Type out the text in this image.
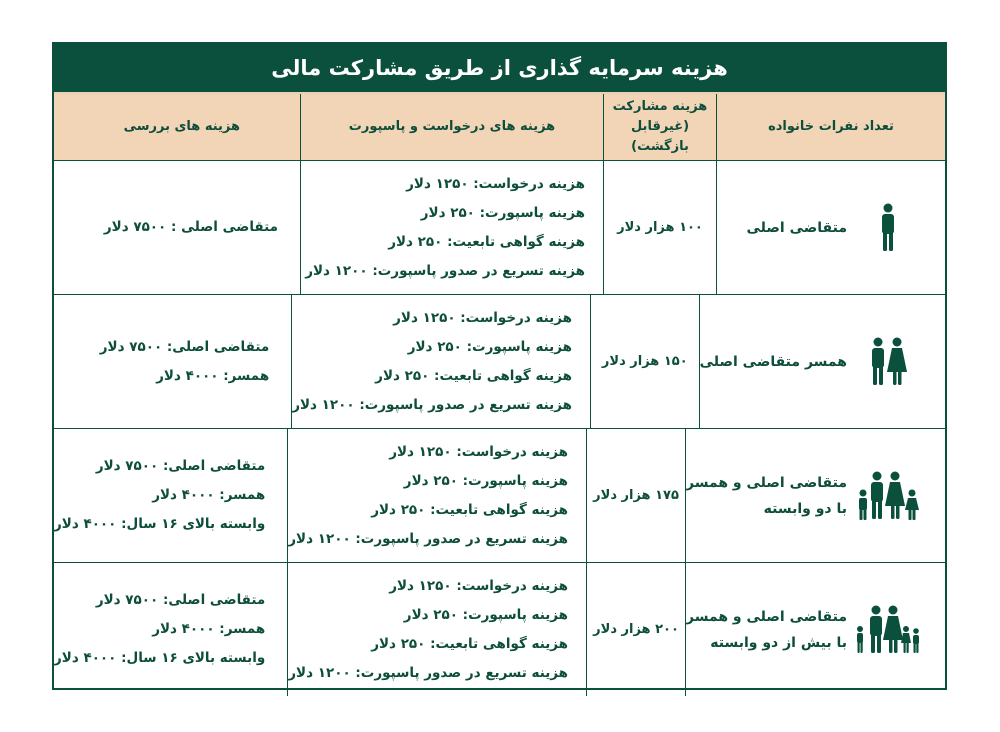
هزینه سرمایه گذاری از طریق مشارکت مالی
تعداد نفرات خانواده
هزینه مشارکت
(غیرقابل بازگشت)
هزینه های درخواست و پاسپورت
هزینه های بررسی
متقاضی اصلی
۱۰۰ هزار دلار
هزینه درخواست: ۱۲۵۰ دلار
هزینه پاسپورت: ۲۵۰ دلار
هزینه گواهی تابعیت: ۲۵۰ دلار
هزینه تسریع در صدور پاسپورت: ۱۲۰۰ دلار
متقاضی اصلی : ۷۵۰۰ دلار
همسر متقاضی اصلی
۱۵۰ هزار دلار
هزینه درخواست: ۱۲۵۰ دلار
هزینه پاسپورت: ۲۵۰ دلار
هزینه گواهی تابعیت: ۲۵۰ دلار
هزینه تسریع در صدور پاسپورت: ۱۲۰۰ دلار
متقاضی اصلی: ۷۵۰۰ دلار
همسر: ۴۰۰۰ دلار
متقاضی اصلی و همسر
با دو وابسته
۱۷۵ هزار دلار
هزینه درخواست: ۱۲۵۰ دلار
هزینه پاسپورت: ۲۵۰ دلار
هزینه گواهی تابعیت: ۲۵۰ دلار
هزینه تسریع در صدور پاسپورت: ۱۲۰۰ دلار
متقاضی اصلی: ۷۵۰۰ دلار
همسر: ۴۰۰۰ دلار
وابسته بالای ۱۶ سال: ۴۰۰۰ دلار
متقاضی اصلی و همسر
با بیش از دو وابسته
۲۰۰ هزار دلار
هزینه درخواست: ۱۲۵۰ دلار
هزینه پاسپورت: ۲۵۰ دلار
هزینه گواهی تابعیت: ۲۵۰ دلار
هزینه تسریع در صدور پاسپورت: ۱۲۰۰ دلار
متقاضی اصلی: ۷۵۰۰ دلار
همسر: ۴۰۰۰ دلار
وابسته بالای ۱۶ سال: ۴۰۰۰ دلار
